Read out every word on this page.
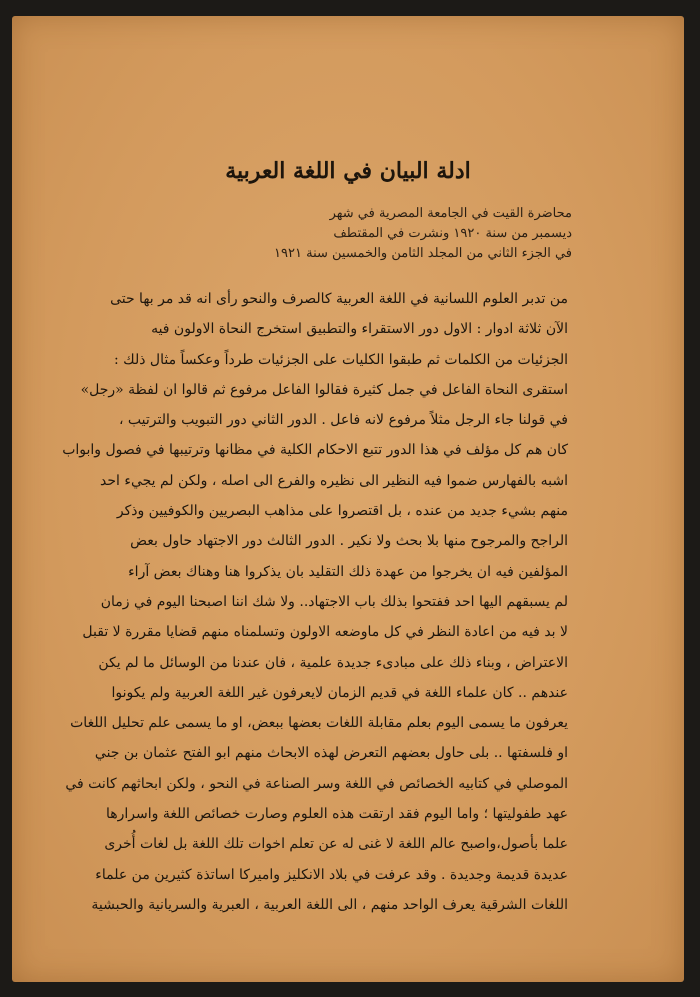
ادلة البيان في اللغة العربية
محاضرة القيت في الجامعة المصرية في شهر
ديسمبر من سنة ١٩٢٠ ونشرت في المقتطف
في الجزء الثاني من المجلد الثامن والخمسين سنة ١٩٢١
من تدبر العلوم اللسانية في اللغة العربية كالصرف والنحو رأى انه قد مر بها حتى
الآن ثلاثة ادوار : الاول دور الاستقراء والتطبيق استخرج النحاة الاولون فيه
الجزئيات من الكلمات ثم طبقوا الكليات على الجزئيات طرداً وعكساً مثال ذلك :
استقرى النحاة الفاعل في جمل كثيرة فقالوا الفاعل مرفوع ثم قالوا ان لفظة «رجل»
في قولنا جاء الرجل مثلاً مرفوع لانه فاعل . الدور الثاني دور التبويب والترتيب ،
كان هم كل مؤلف في هذا الدور تتبع الاحكام الكلية في مظانها وترتيبها في فصول وابواب
اشبه بالفهارس ضموا فيه النظير الى نظيره والفرع الى اصله ، ولكن لم يجيء احد
منهم بشيء جديد من عنده ، بل اقتصروا على مذاهب البصريين والكوفيين وذكر
الراجح والمرجوح منها بلا بحث ولا نكير . الدور الثالث دور الاجتهاد حاول بعض
المؤلفين فيه ان يخرجوا من عهدة ذلك التقليد بان يذكروا هنا وهناك بعض آراء
لم يسبقهم اليها احد ففتحوا بذلك باب الاجتهاد.. ولا شك اننا اصبحنا اليوم في زمان
لا بد فيه من اعادة النظر في كل ماوضعه الاولون وتسلمناه منهم قضايا مقررة لا تقبل
الاعتراض ، وبناء ذلك على مبادىء جديدة علمية ، فان عندنا من الوسائل ما لم يكن
عندهم .. كان علماء اللغة في قديم الزمان لايعرفون غير اللغة العربية ولم يكونوا
يعرفون ما يسمى اليوم بعلم مقابلة اللغات بعضها ببعض، او ما يسمى علم تحليل اللغات
او فلسفتها .. بلى حاول بعضهم التعرض لهذه الابحاث منهم ابو الفتح عثمان بن جني
الموصلي في كتابيه الخصائص في اللغة وسر الصناعة في النحو ، ولكن ابحاثهم كانت في
عهد طفوليتها ؛ واما اليوم فقد ارتقت هذه العلوم وصارت خصائص اللغة واسرارها
علما بأصول،واصبح عالم اللغة لا غنى له عن تعلم اخوات تلك اللغة بل لغات أُخرى
عديدة قديمة وجديدة . وقد عرفت في بلاد الانكليز واميركا اساتذة كثيرين من علماء
اللغات الشرقية يعرف الواحد منهم ، الى اللغة العربية ، العبرية والسريانية والحبشية
